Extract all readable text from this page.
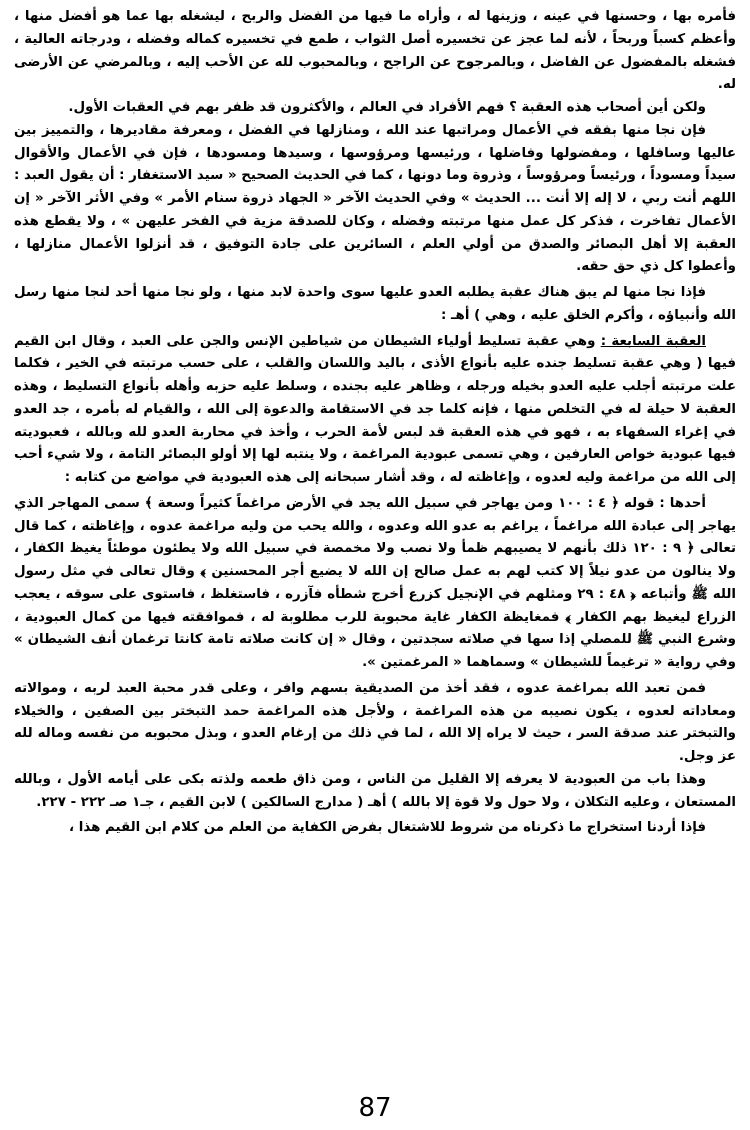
فأمره بها ، وحسنها في عينه ، وزينها له ، وأراه ما فيها من الفضل والربح ، ليشغله بها عما هو أفضل منها ، وأعظم كسباً وربحاً ، لأنه لما عجز عن تخسيره أصل الثواب ، طمع في تخسيره كماله وفضله ، ودرجاته العالية ، فشغله بالمفضول عن الفاضل ، وبالمرجوح عن الراجح ، وبالمحبوب لله عن الأحب إليه ، وبالمرضي عن الأرضى له.

ولكن أين أصحاب هذه العقبة ؟ فهم الأفراد في العالم ، والأكثرون قد ظفر بهم في العقبات الأول.

فإن نجا منها بفقه في الأعمال ومراتبها عند الله ، ومنازلها في الفضل ، ومعرفة مقاديرها ، والتمييز بين عاليها وسافلها ، ومفضولها وفاضلها ، ورئيسها ومرؤوسها ، وسيدها ومسودها ، فإن في الأعمال والأقوال سيداً ومسوداً ، ورئيساً ومرؤوساً ، وذروة وما دونها ، كما في الحديث الصحيح « سيد الاستغفار : أن يقول العبد : اللهم أنت ربي ، لا إله إلا أنت ... الحديث » وفي الحديث الآخر « الجهاد ذروة سنام الأمر » وفي الأثر الآخر « إن الأعمال تفاخرت ، فذكر كل عمل منها مرتبته وفضله ، وكان للصدقة مزية في الفخر عليهن » ، ولا يقطع هذه العقبة إلا أهل البصائر والصدق من أولي العلم ، السائرين على جادة التوفيق ، قد أنزلوا الأعمال منازلها ، وأعطوا كل ذي حق حقه.

فإذا نجا منها لم يبق هناك عقبة يطلبه العدو عليها سوى واحدة لابد منها ، ولو نجا منها أحد لنجا منها رسل الله وأنبياؤه ، وأكرم الخلق عليه ، وهي ) أهـ :

العقبة السابعة : وهي عقبة تسليط أولياء الشيطان من شياطين الإنس والجن على العبد ، وقال ابن القيم فيها ( وهي عقبة تسليط جنده عليه بأنواع الأذى ، باليد واللسان والقلب ، على حسب مرتبته في الخير ، فكلما علت مرتبته أجلب عليه العدو بخيله ورجله ، وظاهر عليه بجنده ، وسلط عليه حزبه وأهله بأنواع التسليط ، وهذه العقبة لا حيلة له في التخلص منها ، فإنه كلما جد في الاستقامة والدعوة إلى الله ، والقيام له بأمره ، جد العدو في إغراء السفهاء به ، فهو في هذه العقبة قد لبس لأمة الحرب ، وأخذ في محاربة العدو لله وبالله ، فعبوديته فيها عبودية خواص العارفين ، وهي تسمى عبودية المراغمة ، ولا ينتبه لها إلا أولو البصائر التامة ، ولا شيء أحب إلى الله من مراغمة وليه لعدوه ، وإغاظته له ، وقد أشار سبحانه إلى هذه العبودية في مواضع من كتابه :

أحدها : قوله ﴿ ٤ : ١٠٠ ومن يهاجر في سبيل الله يجد في الأرض مراغماً كثيراً وسعة ﴾ سمى المهاجر الذي يهاجر إلى عبادة الله مراغماً ، يراغم به عدو الله وعدوه ، والله يحب من وليه مراغمة عدوه ، وإغاظته ، كما قال تعالى ﴿ ٩ : ١٢٠ ذلك بأنهم لا يصيبهم ظمأ ولا نصب ولا مخمصة في سبيل الله ولا يطئون موطئاً يغيظ الكفار ، ولا ينالون من عدو نيلاً إلا كتب لهم به عمل صالح إن الله لا يضيع أجر المحسنين ﴾ وقال تعالى في مثل رسول الله ﷺ وأتباعه ﴿ ٤٨ : ٢٩ ومثلهم في الإنجيل كزرع أخرج شطأه فآزره ، فاستغلظ ، فاستوى على سوقه ، يعجب الزراع ليغيظ بهم الكفار ﴾ فمغايظة الكفار غاية محبوبة للرب مطلوبة له ، فموافقته فيها من كمال العبودية ، وشرع النبي ﷺ للمصلي إذا سها في صلاته سجدتين ، وقال « إن كانت صلاته تامة كانتا ترغمان أنف الشيطان » وفي رواية « ترغيماً للشيطان » وسماهما « المرغمتين ».

فمن تعبد الله بمراغمة عدوه ، فقد أخذ من الصديقية بسهم وافر ، وعلى قدر محبة العبد لربه ، وموالاته ومعاداته لعدوه ، يكون نصيبه من هذه المراغمة ، ولأجل هذه المراغمة حمد التبختر بين الصفين ، والخيلاء والتبختر عند صدقة السر ، حيث لا يراه إلا الله ، لما في ذلك من إرغام العدو ، وبذل محبوبه من نفسه وماله لله عز وجل.

وهذا باب من العبودية لا يعرفه إلا القليل من الناس ، ومن ذاق طعمه ولذته بكى على أيامه الأول ، وبالله المستعان ، وعليه التكلان ، ولا حول ولا قوة إلا بالله ) أهـ ( مدارج السالكين ) لابن القيم ، جـ١ صـ ٢٢٢ - ٢٢٧.

فإذا أردنا استخراج ما ذكرناه من شروط للاشتغال بفرض الكفاية من العلم من كلام ابن القيم هذا ،

87
